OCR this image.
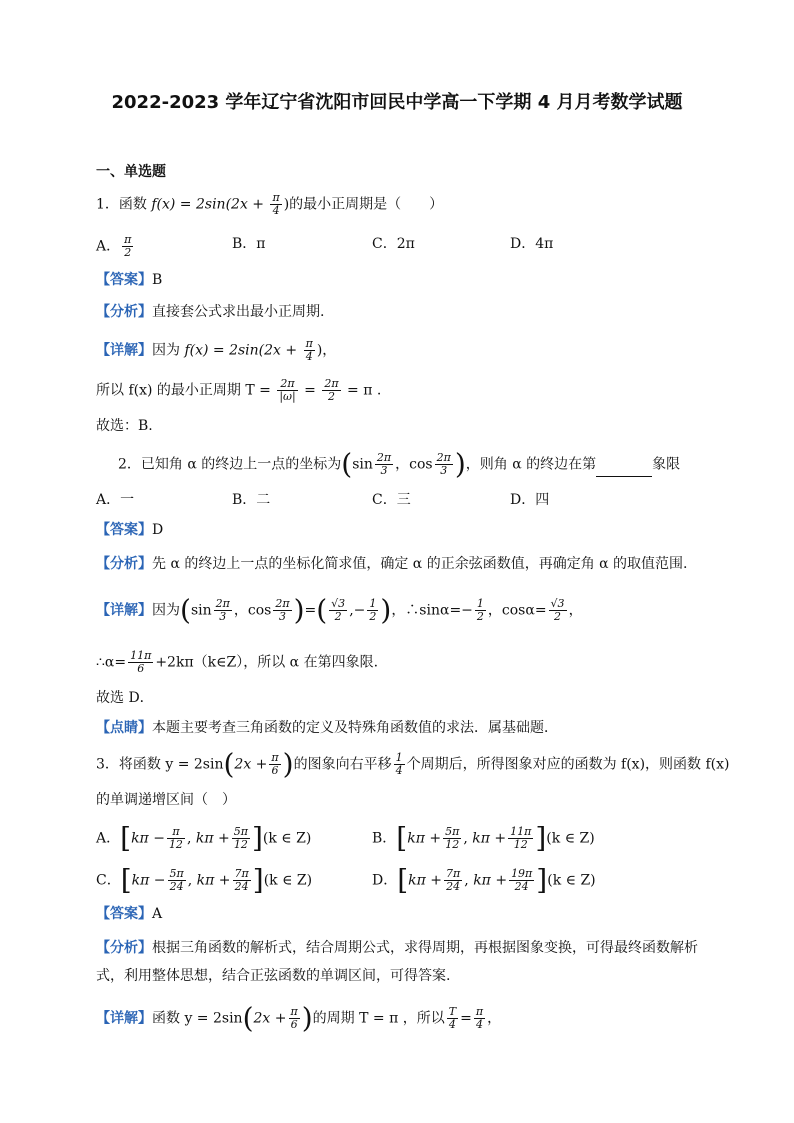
2022-2023 学年辽宁省沈阳市回民中学高一下学期 4 月月考数学试题
一、单选题
1．函数 $f(x) = 2\sin(2x + \frac{\pi}{4}$ )的最小正周期是（　　）
A． $\frac{\pi}{2}$	B．π	C．2π	D．4π
【答案】B
【分析】直接套公式求出最小正周期.
【详解】因为 $f(x) = 2\sin(2x + \frac{\pi}{4}$ )，
所以 f(x) 的最小正周期 $T = \frac{2\pi}{|\omega|} = \frac{2\pi}{2} = \pi$ .
故选：B.
2．已知角 α 的终边上一点的坐标为($\sin \frac{2\pi}{3}$ ，$\cos \frac{2\pi}{3}$ )，则角 α 的终边在第	象限
A．一	B．二	C．三	D．四
【答案】D
【分析】先 α 的终边上一点的坐标化简求值，确定 α 的正余弦函数值，再确定角 α 的取值范围.
【详解】因为($\sin \frac{2\pi}{3}$ ，$\cos \frac{2\pi}{3}$ )=( $\frac{√3}{2}$ ,− $\frac{1}{2}$ )，∴sinα=− $\frac{1}{2}$ ，$\cos\alpha= \frac{√3}{2}$ ，
∴α= $\frac{11\pi}{6}$ +2kπ（k∈Z），所以 α 在第四象限.
故选 D．
【点睛】本题主要考查三角函数的定义及特殊角函数值的求法．属基础题．
3．将函数 $y = 2\sin(2x + \frac{\pi}{6}$ )的图象向右平移 $\frac{1}{4}$ 个周期后，所得图象对应的函数为 f(x)，则函数 f(x)
的单调递增区间（　）
A．[$k\pi - \frac{\pi}{12}$ , $k\pi + \frac{5\pi}{12} ](k$ ∈ Z)	B．[$k\pi + \frac{5\pi}{12}$ , $k\pi + \frac{11\pi}{12} ](k$ ∈ Z)
C．[$k\pi - \frac{5\pi}{24}$ , $k\pi + \frac{7\pi}{24} ](k$ ∈ Z)	D．[$k\pi + \frac{7\pi}{24}$ , $k\pi + \frac{19\pi}{24} ](k$ ∈ Z)
【答案】A
【分析】根据三角函数的解析式，结合周期公式，求得周期，再根据图象变换，可得最终函数解析
式，利用整体思想，结合正弦函数的单调区间，可得答案.
【详解】函数 $y = 2\sin(2x + \frac{\pi}{6}$ )的周期 T = π ，所以 $\frac{T}{4} = \frac{\pi}{4}$ ，
